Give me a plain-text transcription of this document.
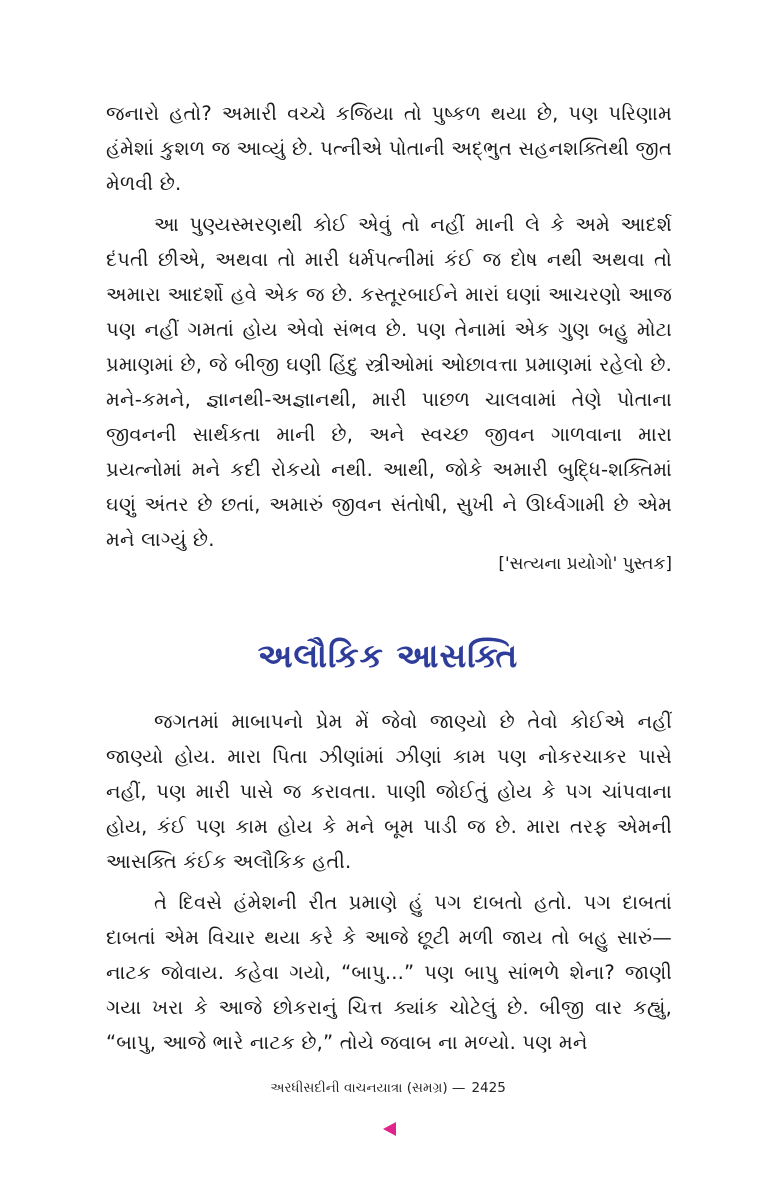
જનારો હતો? અમારી વચ્ચે કજિયા તો પુષ્કળ થયા છે, પણ પરિણામ હંમેશાં કુશળ જ આવ્યું છે. પત્નીએ પોતાની અદ્ભુત સહનશક્તિથી જીત મેળવી છે.

આ પુણ્યસ્મરણથી કોઈ એવું તો નહીં માની લે કે અમે આદર્શ દંપતી છીએ, અથવા તો મારી ધર્મપત્નીમાં કંઈ જ દોષ નથી અથવા તો અમારા આદર્શો હવે એક જ છે. કસ્તૂરબાઈને મારાં ઘણાં આચરણો આજ પણ નહીં ગમતાં હોય એવો સંભવ છે. પણ તેનામાં એક ગુણ બહુ મોટા પ્રમાણમાં છે, જે બીજી ઘણી હિંદુ સ્ત્રીઓમાં ઓછાવત્તા પ્રમાણમાં રહેલો છે. મને-કમને, જ્ઞાનથી-અજ્ઞાનથી, મારી પાછળ ચાલવામાં તેણે પોતાના જીવનની સાર્થકતા માની છે, અને સ્વચ્છ જીવન ગાળવાના મારા પ્રયત્નોમાં મને કદી રોકયો નથી. આથી, જોકે અમારી બુદ્ધિ-શક્તિમાં ઘણું અંતર છે છતાં, અમારું જીવન સંતોષી, સુખી ને ઊર્ધ્વગામી છે એમ મને લાગ્યું છે.

['સત્યના પ્રયોગો' પુસ્તક]
અલૌકિક આસક્તિ

જગતમાં માબાપનો પ્રેમ મેં જેવો જાણ્યો છે તેવો કોઈએ નહીં જાણ્યો હોય. મારા પિતા ઝીણાંમાં ઝીણાં કામ પણ નોકરચાકર પાસે નહીં, પણ મારી પાસે જ કરાવતા. પાણી જોઈતું હોય કે પગ ચાંપવાના હોય, કંઈ પણ કામ હોય કે મને બૂમ પાડી જ છે. મારા તરફ એમની આસક્તિ કંઈક અલૌકિક હતી.

તે દિવસે હંમેશની રીત પ્રમાણે હું પગ દાબતો હતો. પગ દાબતાં દાબતાં એમ વિચાર થયા કરે કે આજે છૂટી મળી જાય તો બહુ સારું—નાટક જોવાય. કહેવા ગયો, “બાપુ...” પણ બાપુ સાંભળે શેના? જાણી ગયા ખરા કે આજે છોકરાનું ચિત્ત ક્યાંક ચોટેલું છે. બીજી વાર કહ્યું, “બાપુ, આજે ભારે નાટક છે,” તોયે જવાબ ના મળ્યો. પણ મને

અરધીસદીની વાચનયાત્રા (સમગ્ર) — 2425
